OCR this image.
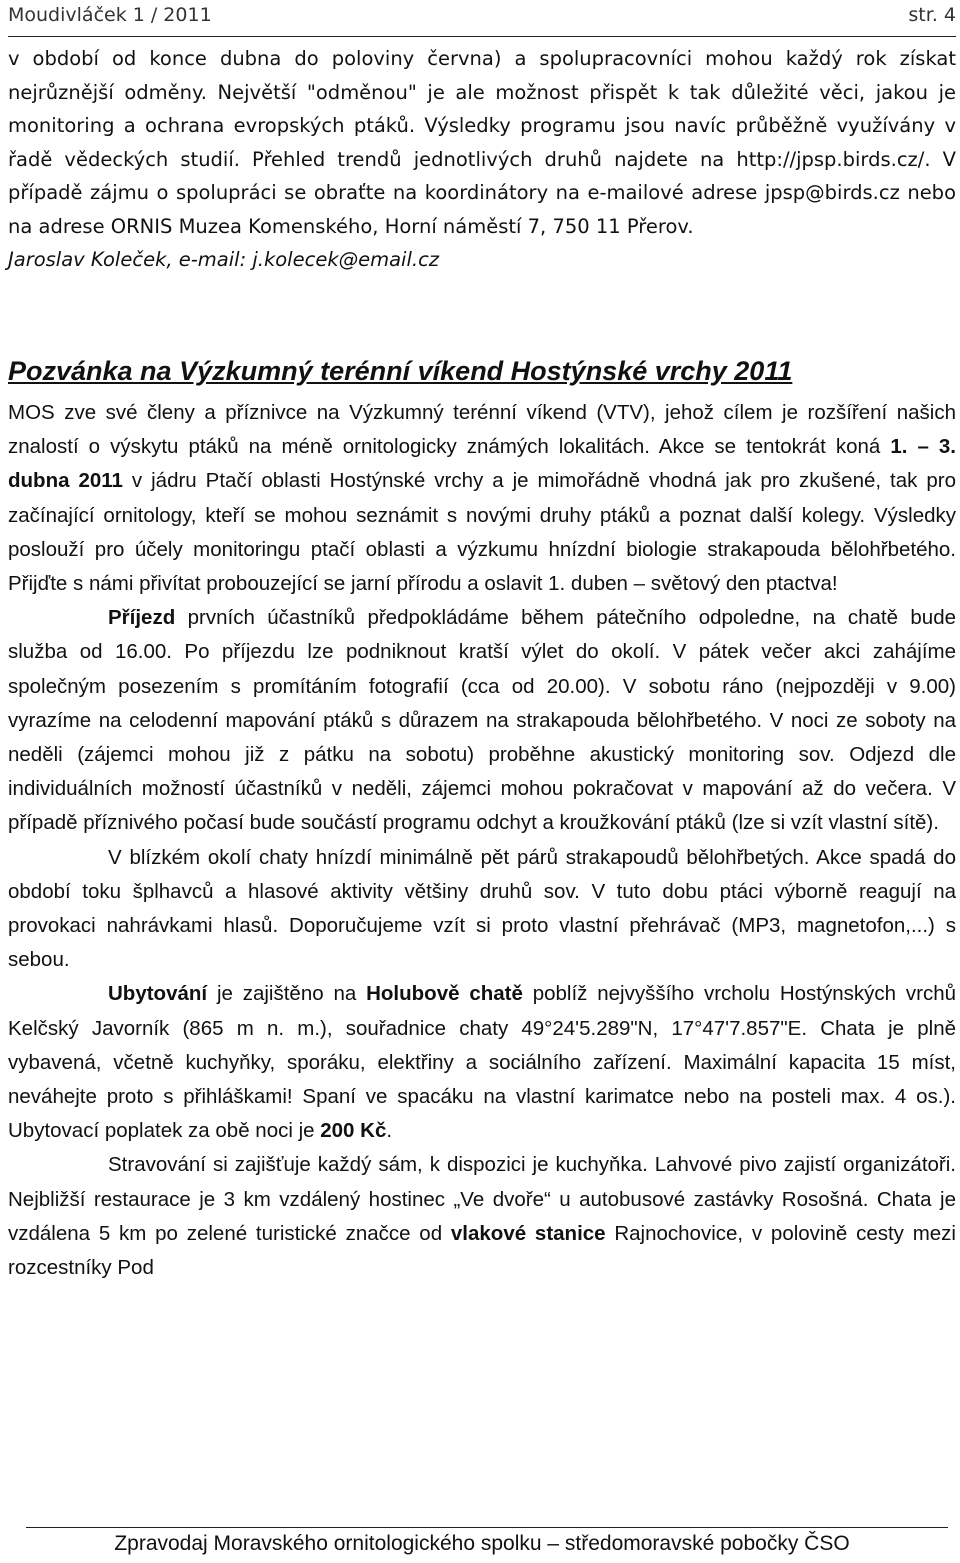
Moudivláček 1 / 2011	str. 4

v období od konce dubna do poloviny června) a spolupracovníci mohou každý rok získat nejrůznější odměny. Největší "odměnou" je ale možnost přispět k tak důležité věci, jakou je monitoring a ochrana evropských ptáků. Výsledky programu jsou navíc průběžně využívány v řadě vědeckých studií. Přehled trendů jednotlivých druhů najdete na http://jpsp.birds.cz/. V případě zájmu o spolupráci se obraťte na koordinátory na e-mailové adrese jpsp@birds.cz nebo na adrese ORNIS Muzea Komenského, Horní náměstí 7, 750 11 Přerov.

Jaroslav Koleček, e-mail: j.kolecek@email.cz

Pozvánka na Výzkumný terénní víkend Hostýnské vrchy 2011

MOS zve své členy a příznivce na Výzkumný terénní víkend (VTV), jehož cílem je rozšíření našich znalostí o výskytu ptáků na méně ornitologicky známých lokalitách. Akce se tentokrát koná 1. – 3. dubna 2011 v jádru Ptačí oblasti Hostýnské vrchy a je mimořádně vhodná jak pro zkušené, tak pro začínající ornitology, kteří se mohou seznámit s novými druhy ptáků a poznat další kolegy. Výsledky poslouží pro účely monitoringu ptačí oblasti a výzkumu hnízdní biologie strakapouda bělohřbetého. Přijďte s námi přivítat probouzející se jarní přírodu a oslavit 1. duben – světový den ptactva!

Příjezd prvních účastníků předpokládáme během pátečního odpoledne, na chatě bude služba od 16.00. Po příjezdu lze podniknout kratší výlet do okolí. V pátek večer akci zahájíme společným posezením s promítáním fotografií (cca od 20.00). V sobotu ráno (nejpozději v 9.00) vyrazíme na celodenní mapování ptáků s důrazem na strakapouda bělohřbetého. V noci ze soboty na neděli (zájemci mohou již z pátku na sobotu) proběhne akustický monitoring sov. Odjezd dle individuálních možností účastníků v neděli, zájemci mohou pokračovat v mapování až do večera. V případě příznivého počasí bude součástí programu odchyt a kroužkování ptáků (lze si vzít vlastní sítě).

V blízkém okolí chaty hnízdí minimálně pět párů strakapoudů bělohřbetých. Akce spadá do období toku šplhavců a hlasové aktivity většiny druhů sov. V tuto dobu ptáci výborně reagují na provokaci nahrávkami hlasů. Doporučujeme vzít si proto vlastní přehrávač (MP3, magnetofon,...) s sebou.

Ubytování je zajištěno na Holubově chatě poblíž nejvyššího vrcholu Hostýnských vrchů Kelčský Javorník (865 m n. m.), souřadnice chaty 49°24'5.289"N, 17°47'7.857"E. Chata je plně vybavená, včetně kuchyňky, sporáku, elektřiny a sociálního zařízení. Maximální kapacita 15 míst, neváhejte proto s přihláškami! Spaní ve spacáku na vlastní karimatce nebo na posteli max. 4 os.). Ubytovací poplatek za obě noci je 200 Kč.

Stravování si zajišťuje každý sám, k dispozici je kuchyňka. Lahvové pivo zajistí organizátoři. Nejbližší restaurace je 3 km vzdálený hostinec „Ve dvoře“ u autobusové zastávky Rosošná. Chata je vzdálena 5 km po zelené turistické značce od vlakové stanice Rajnochovice, v polovině cesty mezi rozcestníky Pod

Zpravodaj Moravského ornitologického spolku – středomoravské pobočky ČSO
